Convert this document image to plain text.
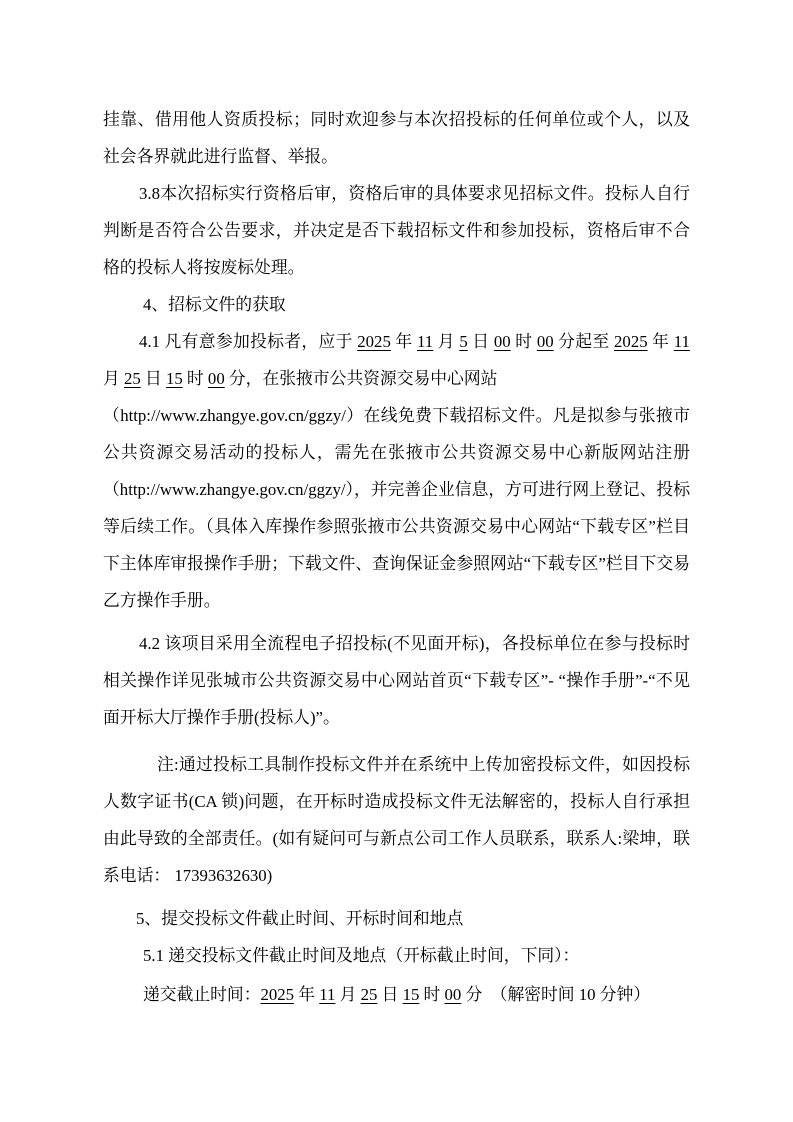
挂靠、借用他人资质投标；同时欢迎参与本次招投标的任何单位或个人，以及社会各界就此进行监督、举报。

3.8本次招标实行资格后审，资格后审的具体要求见招标文件。投标人自行判断是否符合公告要求，并决定是否下载招标文件和参加投标，资格后审不合格的投标人将按废标处理。

4、招标文件的获取

4.1 凡有意参加投标者，应于 2025 年 11 月 5 日 00 时 00 分起至 2025 年 11 月 25 日 15 时 00 分，在张掖市公共资源交易中心网站
（http://www.zhangye.gov.cn/ggzy/）在线免费下载招标文件。凡是拟参与张掖市公共资源交易活动的投标人，需先在张掖市公共资源交易中心新版网站注册（http://www.zhangye.gov.cn/ggzy/），并完善企业信息，方可进行网上登记、投标等后续工作。（具体入库操作参照张掖市公共资源交易中心网站“下载专区”栏目下主体库审报操作手册；下载文件、查询保证金参照网站“下载专区”栏目下交易乙方操作手册。

4.2 该项目采用全流程电子招投标(不见面开标)，各投标单位在参与投标时相关操作详见张城市公共资源交易中心网站首页“下载专区”- “操作手册”-“不见面开标大厅操作手册(投标人)”。

注:通过投标工具制作投标文件并在系统中上传加密投标文件，如因投标人数字证书(CA 锁)问题，在开标时造成投标文件无法解密的，投标人自行承担由此导致的全部责任。(如有疑问可与新点公司工作人员联系，联系人:梁坤，联系电话： 17393632630)

5、提交投标文件截止时间、开标时间和地点
5.1 递交投标文件截止时间及地点（开标截止时间，下同）：

递交截止时间：2025 年 11 月 25 日 15 时 00 分　（解密时间 10 分钟）
